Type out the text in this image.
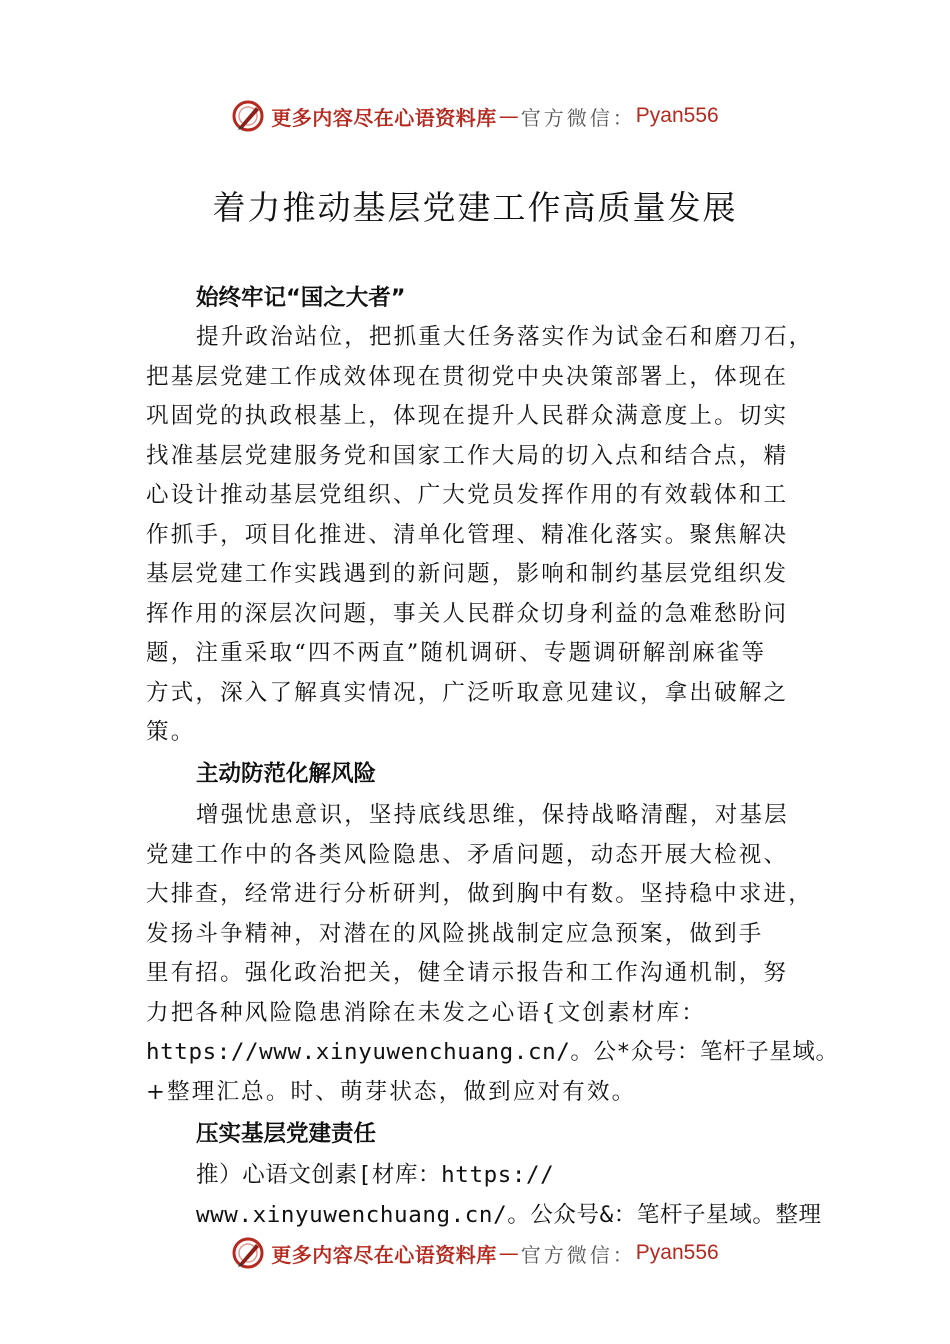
更多内容尽在心语资料库 — 官方微信： Pyan556
着力推动基层党建工作高质量发展
始终牢记“国之大者”
提升政治站位，把抓重大任务落实作为试金石和磨刀石，
把基层党建工作成效体现在贯彻党中央决策部署上，体现在
巩固党的执政根基上，体现在提升人民群众满意度上。切实
找准基层党建服务党和国家工作大局的切入点和结合点，精
心设计推动基层党组织、广大党员发挥作用的有效载体和工
作抓手，项目化推进、清单化管理、精准化落实。聚焦解决
基层党建工作实践遇到的新问题，影响和制约基层党组织发
挥作用的深层次问题，事关人民群众切身利益的急难愁盼问
题，注重采取“四不两直”随机调研、专题调研解剖麻雀等
方式，深入了解真实情况，广泛听取意见建议，拿出破解之
策。
主动防范化解风险
增强忧患意识，坚持底线思维，保持战略清醒，对基层
党建工作中的各类风险隐患、矛盾问题，动态开展大检视、
大排查，经常进行分析研判，做到胸中有数。坚持稳中求进，
发扬斗争精神，对潜在的风险挑战制定应急预案，做到手
里有招。强化政治把关，健全请示报告和工作沟通机制，努
力把各种风险隐患消除在未发之心语{文创素材库：
https://www.xinyuwenchuang.cn/。公*众号：笔杆子星域。
+整理汇总。时、萌芽状态，做到应对有效。
压实基层党建责任
推）心语文创素[材库：https://
www.xinyuwenchuang.cn/。公众号&：笔杆子星域。整理
更多内容尽在心语资料库 — 官方微信： Pyan556
